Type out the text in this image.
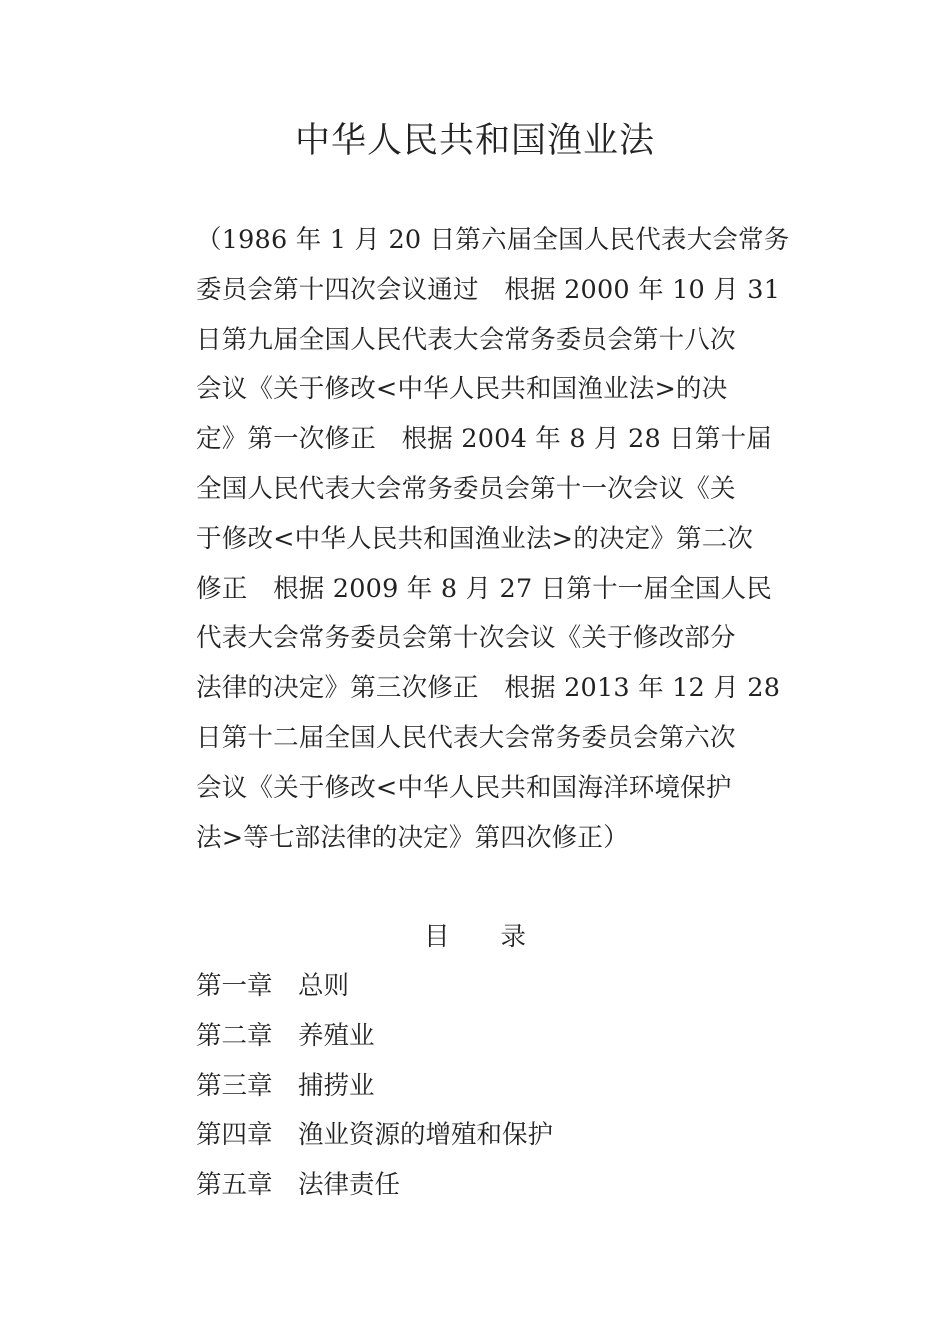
中华人民共和国渔业法
（1986 年 1 月 20 日第六届全国人民代表大会常务
委员会第十四次会议通过　根据 2000 年 10 月 31
日第九届全国人民代表大会常务委员会第十八次
会议《关于修改<中华人民共和国渔业法>的决
定》第一次修正　根据 2004 年 8 月 28 日第十届
全国人民代表大会常务委员会第十一次会议《关
于修改<中华人民共和国渔业法>的决定》第二次
修正　根据 2009 年 8 月 27 日第十一届全国人民
代表大会常务委员会第十次会议《关于修改部分
法律的决定》第三次修正　根据 2013 年 12 月 28
日第十二届全国人民代表大会常务委员会第六次
会议《关于修改<中华人民共和国海洋环境保护
法>等七部法律的决定》第四次修正）
目　　录
第一章 总则
第二章 养殖业
第三章 捕捞业
第四章 渔业资源的增殖和保护
第五章 法律责任
